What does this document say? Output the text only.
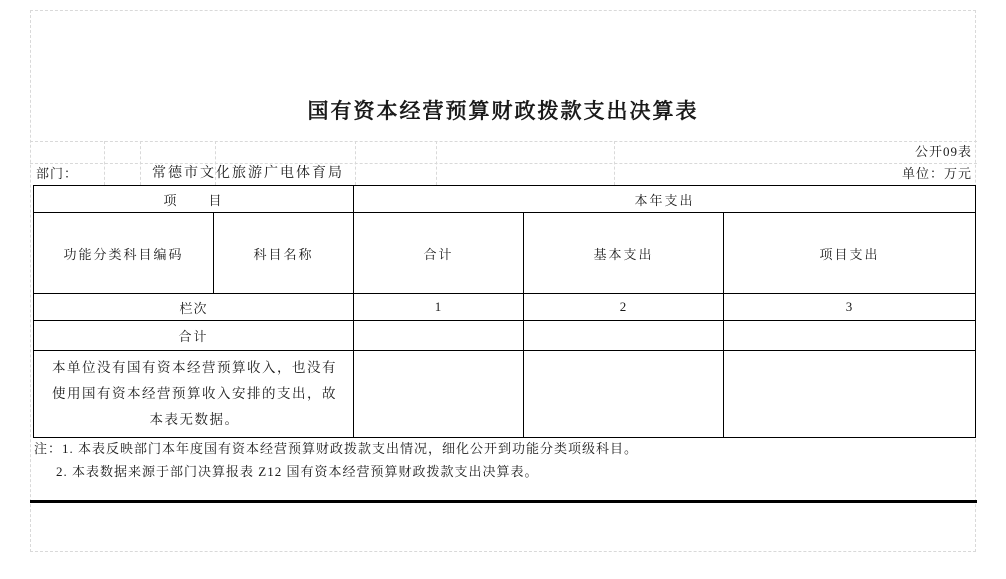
国有资本经营预算财政拨款支出决算表
公开09表
部门：	常德市文化旅游广电体育局	单位：万元
项　　目		本年支出		
功能分类科目编码	科目名称	合计	基本支出	项目支出
栏次		1	2	3
合计				

本单位没有国有资本经营预算收入，也没有
使用国有资本经营预算收入安排的支出，故
本表无数据。				

注：1. 本表反映部门本年度国有资本经营预算财政拨款支出情况，细化公开到功能分类项级科目。
2. 本表数据来源于部门决算报表 Z12 国有资本经营预算财政拨款支出决算表。
